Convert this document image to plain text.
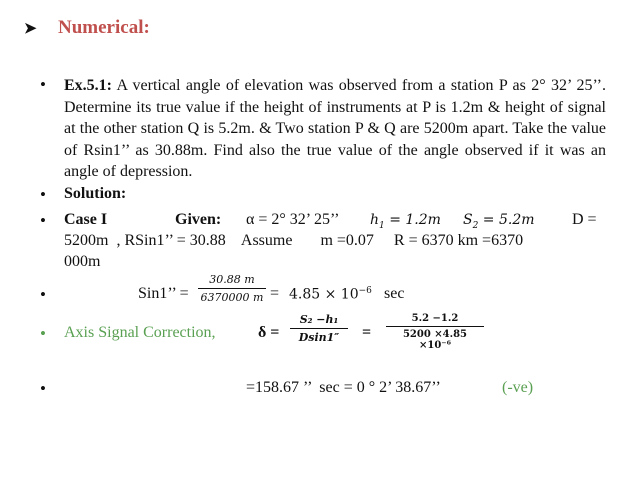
➤ Numerical:
• Ex.5.1: A vertical angle of elevation was observed from a station P as 2° 32’ 25’’. Determine its true value if the height of instruments at P is 1.2m & height of signal at the other station Q is 5.2m. & Two station P & Q are 5200m apart. Take the value of Rsin1’’ as 30.88m. Find also the true value of the angle observed if it was an angle of depression.
• Solution:
• Case I	Given: α = 2° 32’ 25’’ $h_1 = 1.2m$ $S_2 = 5.2m$ D =
5200m  , RSin1’’ = 30.88    Assume       m =0.07     R = 6370 km =6370
000m
•	Sin1’’ =
30.88 m
6370000 $m = 4.85 \times 10^{-6}$ sec
• Axis Signal Correction,	δ =
S₂ −h₁
Dsin1″	=
5.2 −1.2
5200 ×4.85 ×10⁻⁶
•	=158.67 ’’  sec = 0 ° 2’ 38.67’’	(-ve)
